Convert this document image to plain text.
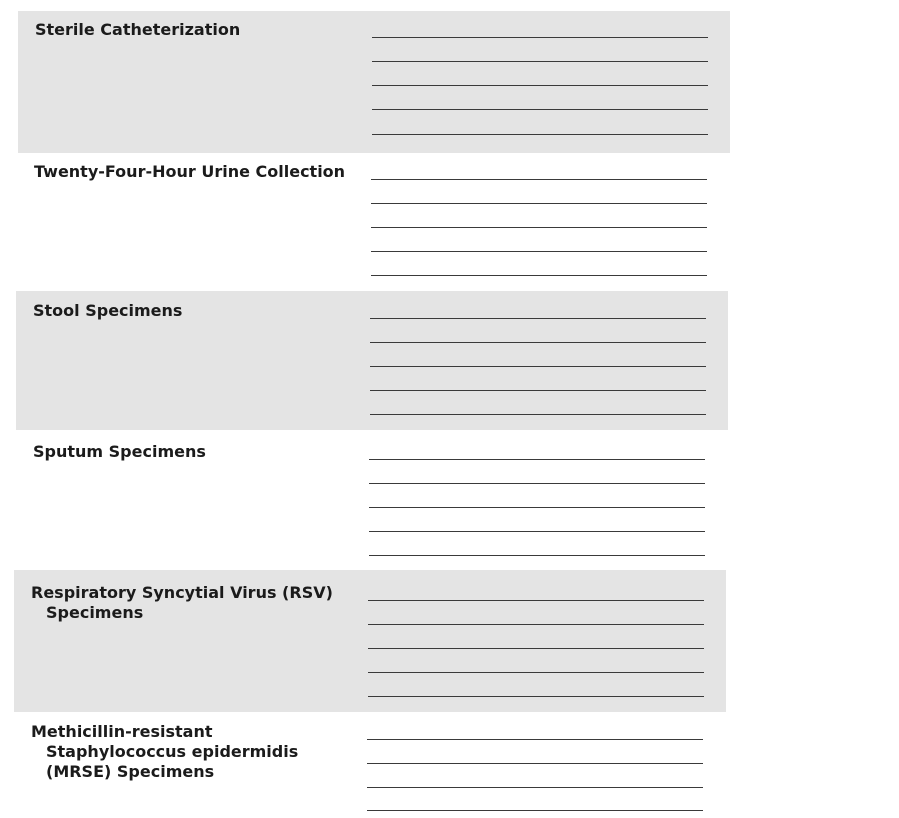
Sterile Catheterization
Twenty-Four-Hour Urine Collection
Stool Specimens
Sputum Specimens
Respiratory Syncytial Virus (RSV)
Specimens
Methicillin-resistant
Staphylococcus epidermidis
(MRSE) Specimens
